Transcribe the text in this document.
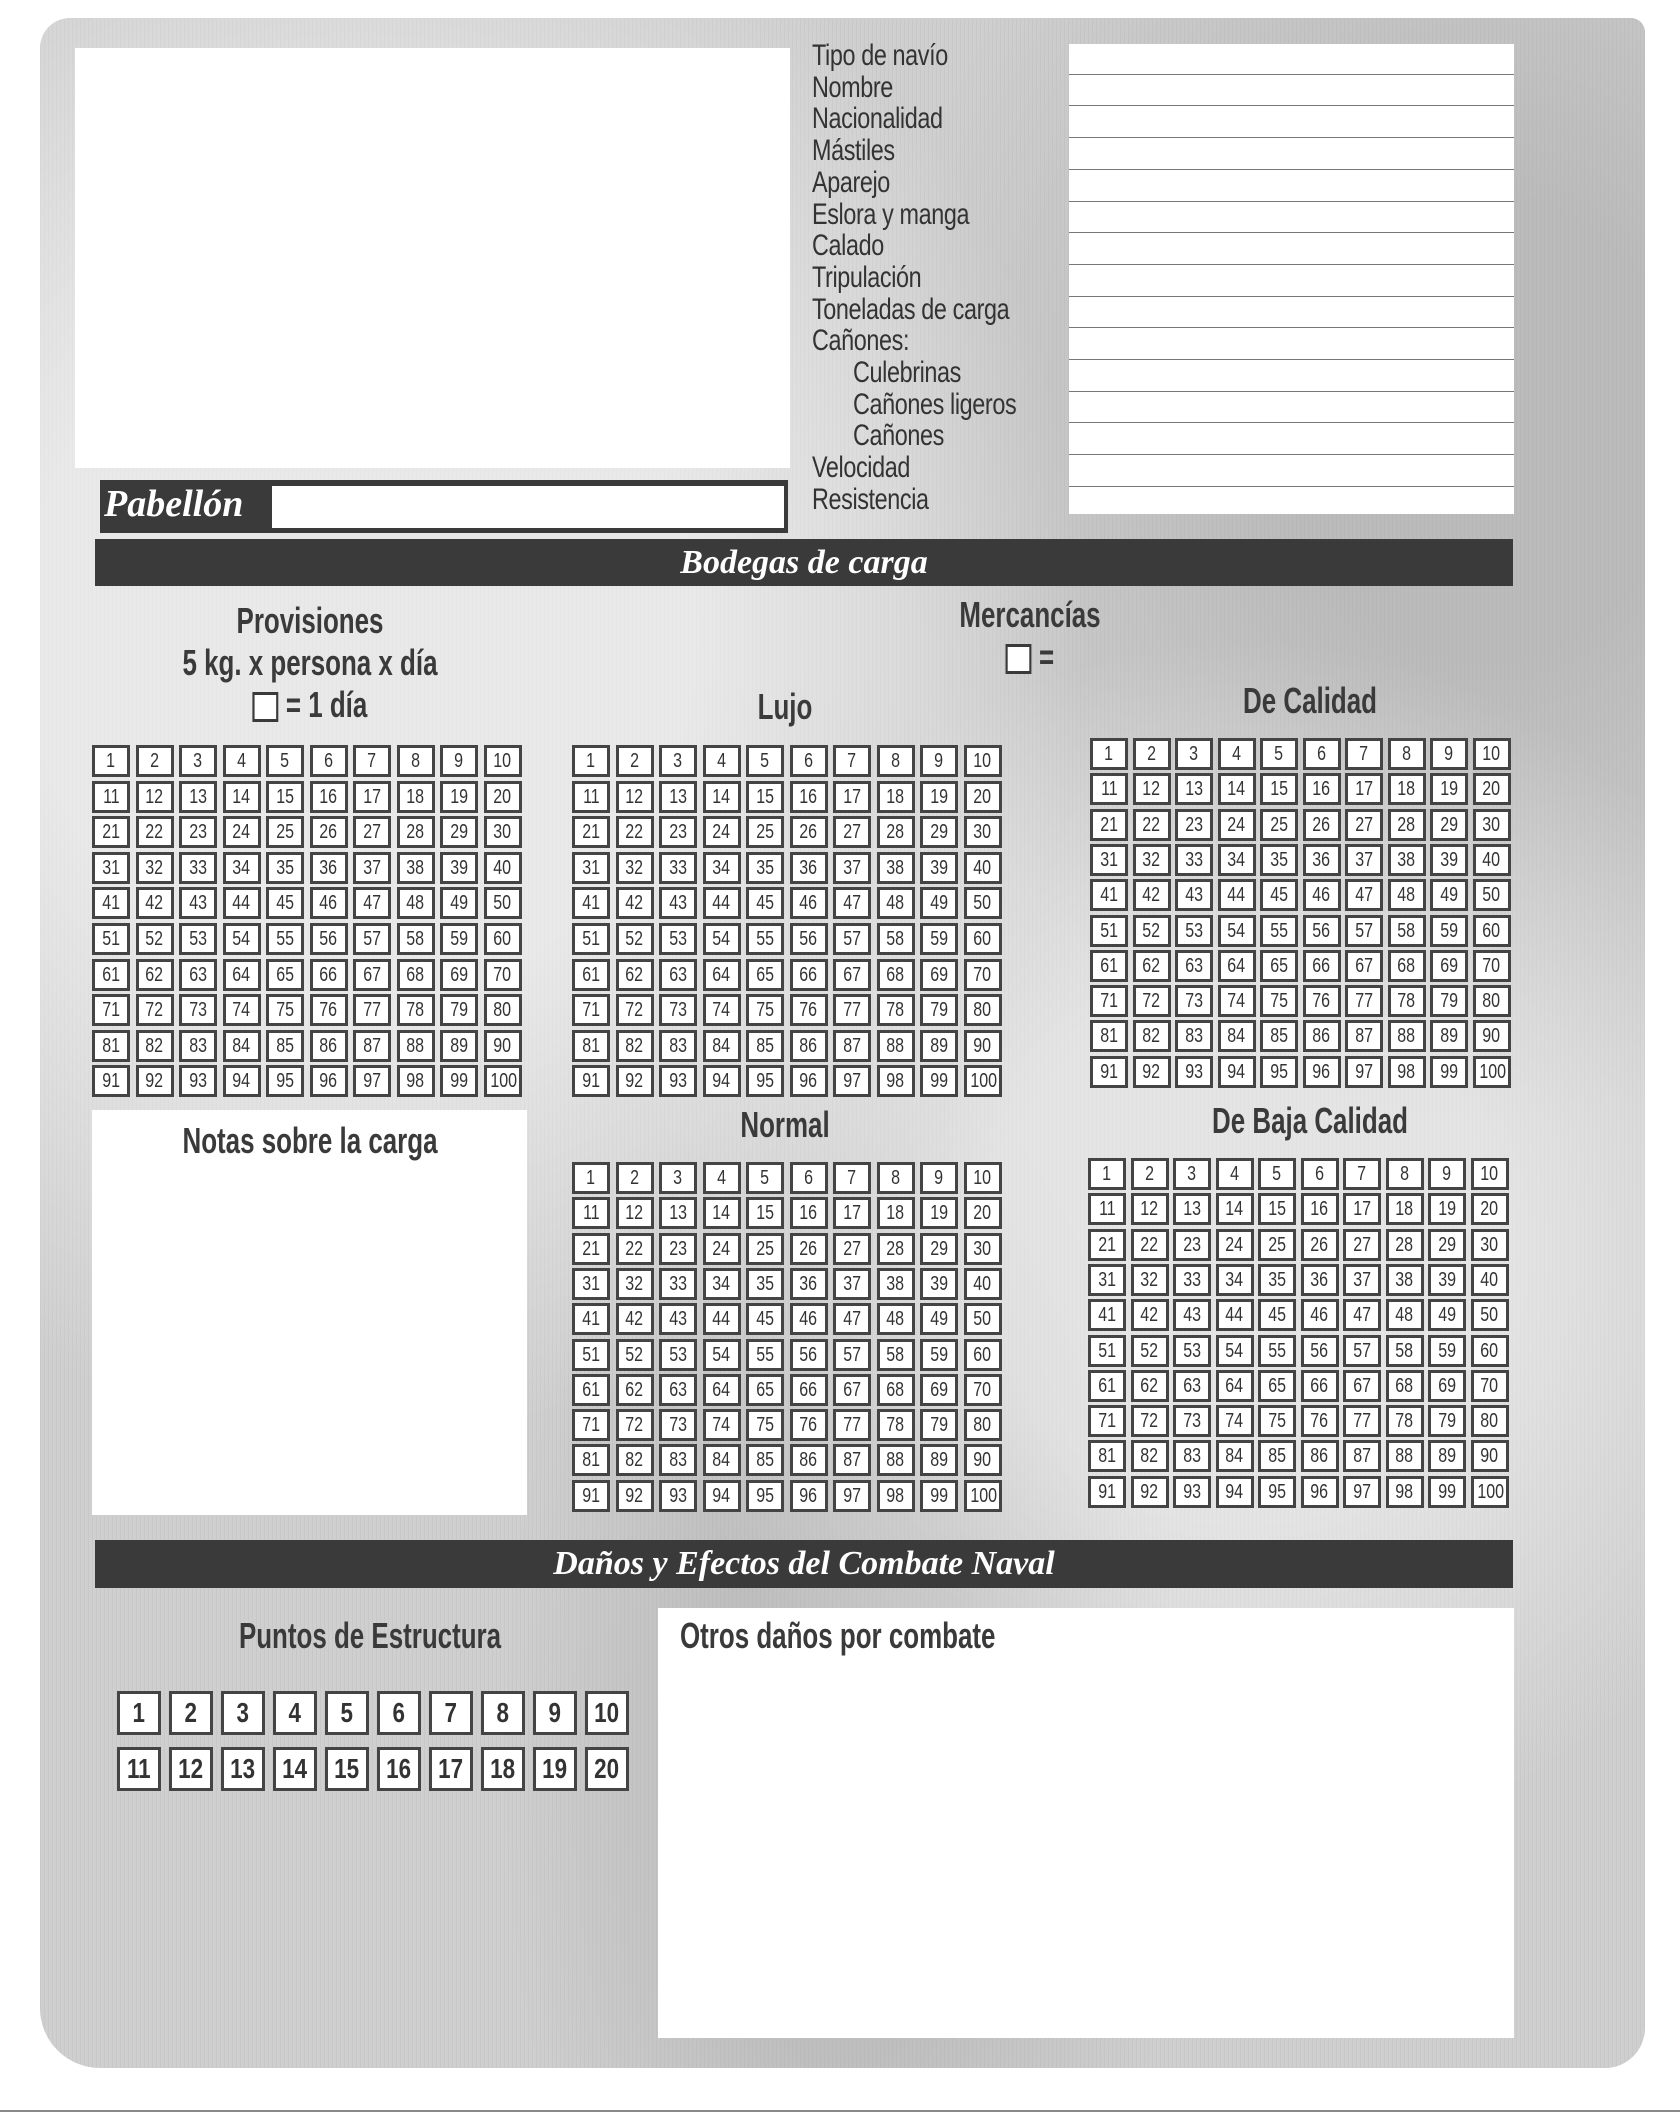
Tipo de navío
Nombre
Nacionalidad
Mástiles
Aparejo
Eslora y manga
Calado
Tripulación
Toneladas de carga
Cañones:
Culebrinas
Cañones ligeros
Cañones
Velocidad
Resistencia
Pabellón
Bodegas de carga
Provisiones
5 kg. x persona x día
= 1 día
Mercancías
=
Lujo	De Calidad
1	2	3	4	5	6	7	8	9	10
11	12	13	14	15	16	17	18	19	20
21	22	23	24	25	26	27	28	29	30
31	32	33	34	35	36	37	38	39	40
41	42	43	44	45	46	47	48	49	50
51	52	53	54	55	56	57	58	59	60
61	62	63	64	65	66	67	68	69	70
71	72	73	74	75	76	77	78	79	80
81	82	83	84	85	86	87	88	89	90
91	92	93	94	95	96	97	98	99	100
1	2	3	4	5	6	7	8	9	10
11	12	13	14	15	16	17	18	19	20
21	22	23	24	25	26	27	28	29	30
31	32	33	34	35	36	37	38	39	40
41	42	43	44	45	46	47	48	49	50
51	52	53	54	55	56	57	58	59	60
61	62	63	64	65	66	67	68	69	70
71	72	73	74	75	76	77	78	79	80
81	82	83	84	85	86	87	88	89	90
91	92	93	94	95	96	97	98	99	100
1	2	3	4	5	6	7	8	9	10
11	12	13	14	15	16	17	18	19	20
21	22	23	24	25	26	27	28	29	30
31	32	33	34	35	36	37	38	39	40
41	42	43	44	45	46	47	48	49	50
51	52	53	54	55	56	57	58	59	60
61	62	63	64	65	66	67	68	69	70
71	72	73	74	75	76	77	78	79	80
81	82	83	84	85	86	87	88	89	90
91	92	93	94	95	96	97	98	99	100
Notas sobre la carga	Normal	De Baja Calidad
1	2	3	4	5	6	7	8	9	10
11	12	13	14	15	16	17	18	19	20
21	22	23	24	25	26	27	28	29	30
31	32	33	34	35	36	37	38	39	40
41	42	43	44	45	46	47	48	49	50
51	52	53	54	55	56	57	58	59	60
61	62	63	64	65	66	67	68	69	70
71	72	73	74	75	76	77	78	79	80
81	82	83	84	85	86	87	88	89	90
91	92	93	94	95	96	97	98	99	100
1	2	3	4	5	6	7	8	9	10
11	12	13	14	15	16	17	18	19	20
21	22	23	24	25	26	27	28	29	30
31	32	33	34	35	36	37	38	39	40
41	42	43	44	45	46	47	48	49	50
51	52	53	54	55	56	57	58	59	60
61	62	63	64	65	66	67	68	69	70
71	72	73	74	75	76	77	78	79	80
81	82	83	84	85	86	87	88	89	90
91	92	93	94	95	96	97	98	99	100
Daños y Efectos del Combate Naval
Puntos de Estructura
1	2	3	4	5	6	7	8	9	10
11 12 13 14 15 16 17 18 19 20
Otros daños por combate
